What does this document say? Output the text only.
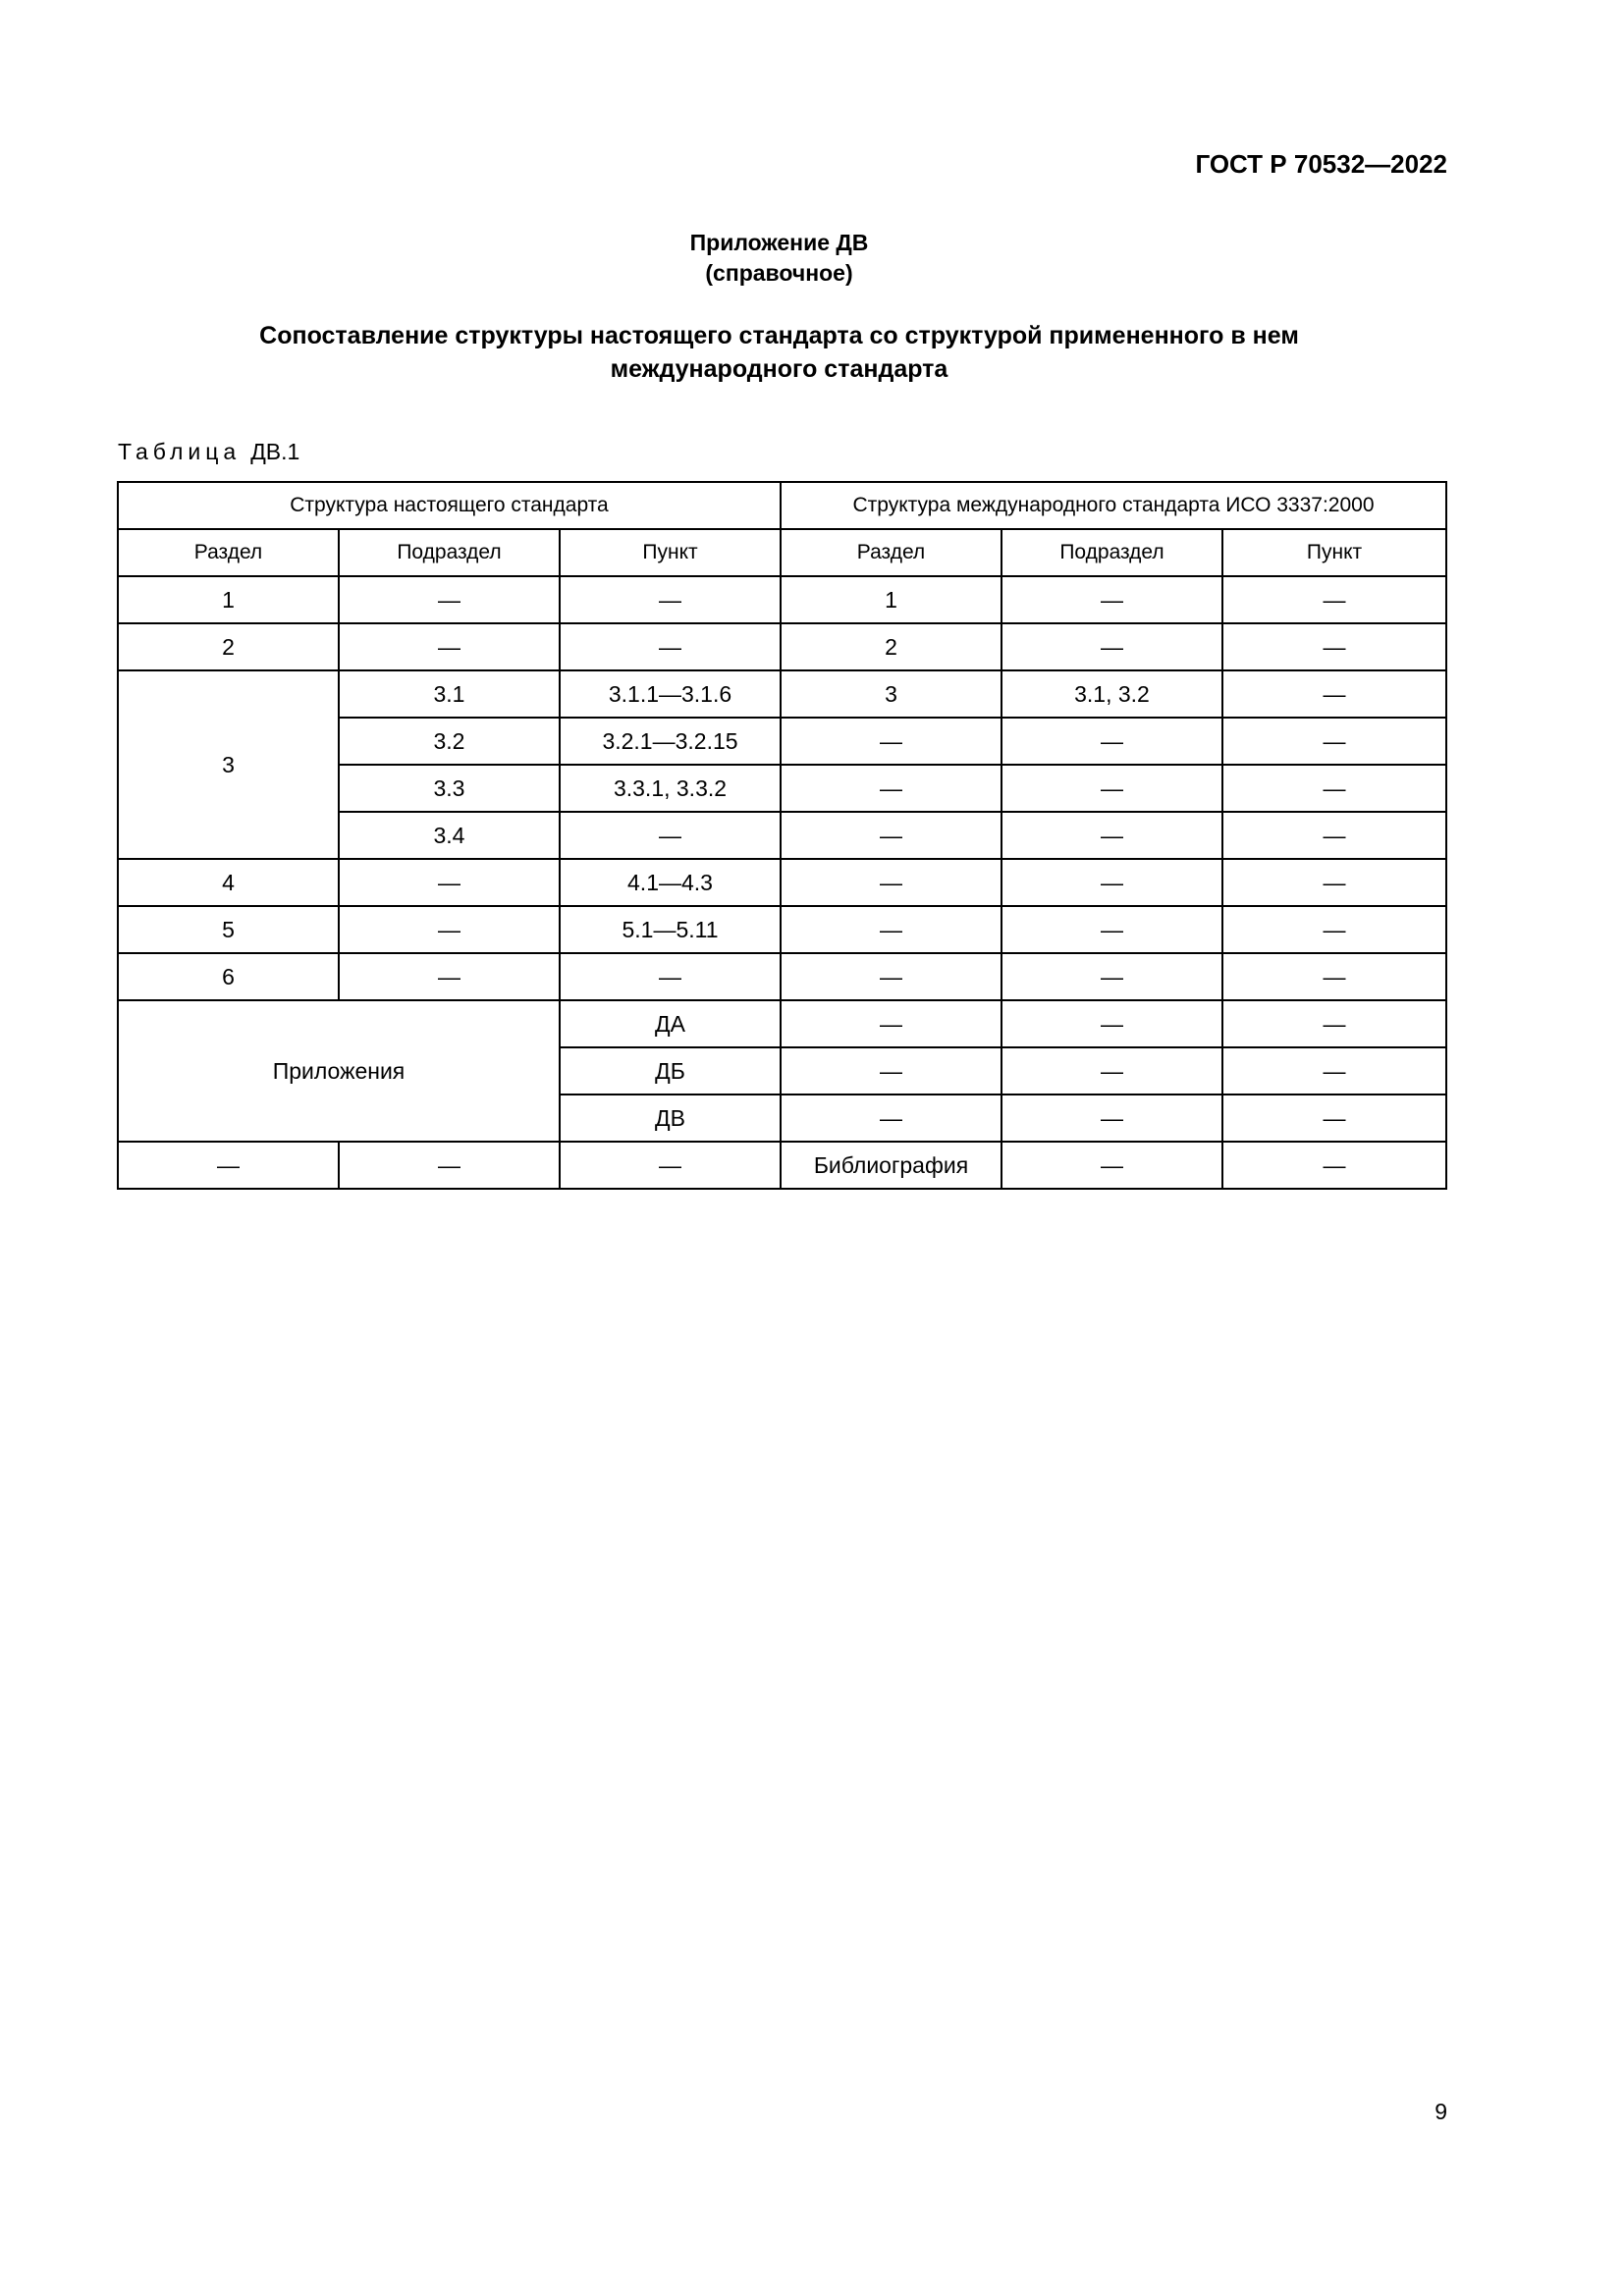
ГОСТ Р 70532—2022
Приложение ДВ
(справочное)
Сопоставление структуры настоящего стандарта со структурой примененного в нем
международного стандарта
Таблица ДВ.1
Структура настоящего стандарта			Структура международного стандарта ИСО 3337:2000		
Раздел	Подраздел	Пункт	Раздел	Подраздел	Пункт
1	—	—	1	—	—
2	—	—	2	—	—
3	3.1	3.1.1—3.1.6	3	3.1, 3.2	—
	3.2	3.2.1—3.2.15	—	—	—
	3.3	3.3.1, 3.3.2	—	—	—
	3.4	—	—	—	—
4	—	4.1—4.3	—	—	—
5	—	5.1—5.11	—	—	—
6	—	—	—	—	—
Приложения		ДА	—	—	—
		ДБ	—	—	—
		ДВ	—	—	—
—	—	—	Библиография	—	—
9
